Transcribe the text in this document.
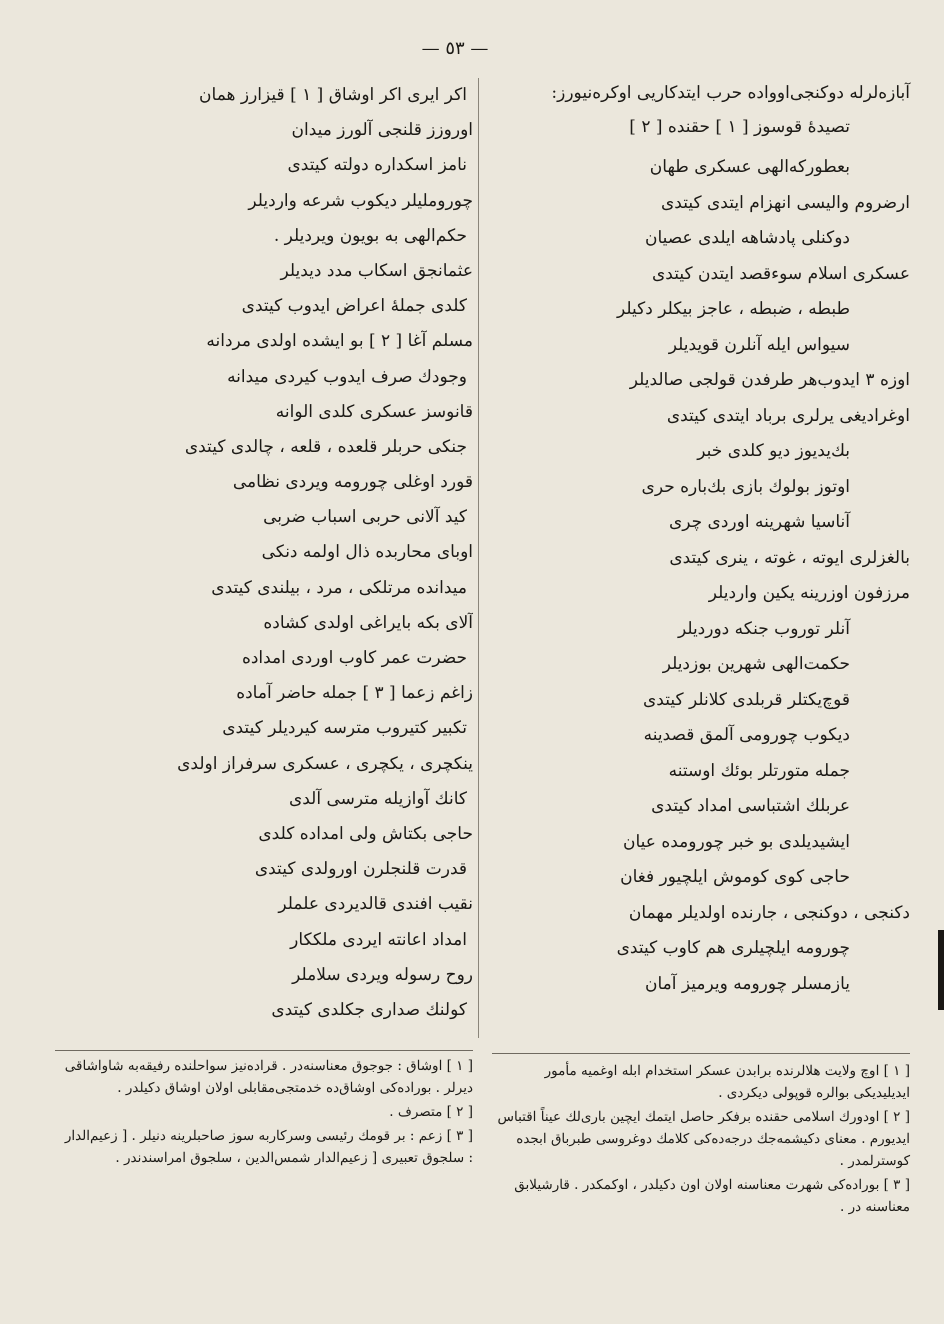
— ٥٣ —
آبازه‌لرله دوكنجی‌اوواده حرب ایتدكاریی اوكره‌نیورز:
تصیدهٔ قوسو‌ز [ ١ ] حقنده [ ٢ ]
بعطوركه‌الهی عسكری طهان
ارضروم واليسی انهزام ایتدی كیتدی
دوكنلی پادشاهه ایلدی عصیان
عسكری اسلام سوءقصد ایتدن كیتدی
طبطه ، ضبطه ، عاجز بیكلر دكیلر
سیواس ایله آنلرن قویدیلر
اوزه ٣ ایدوب‌هر طرفدن قولجی صالدیلر
اوغرادیغی یرلری برباد ایتدی كیتدی
بك‌یدیوز دیو كلدی خبر
اوتوز بولوك بازی بك‌باره حری
آناسیا شهرینه اوردی چری
بالغزلری ایوته ، غوته ، ینری كیتدی
مرزفون اوزرینه یکین واردیلر
آنلر توروب جنكه دوردیلر
حكمت‌الهی شهرین بوزدیلر
قوچ‌یكتلر قربلدی كلانلر كیتدی
دیكوب چورومی آلمق قصدینه
جمله متورتلر بوئك اوستنه
عربلك اشتباسی امداد كیتدی
ایشیدیلدی بو خبر چورومده عیان
حاجی كوی كوموش ایلچیور فغان
دكنجی ، دوكنجی ، جارنده اولدیلر مهمان
چورومه ایلچیلری هم كاوب كیتدی
یازمسلر چورومه ویرمیز آمان
اكر ایری اكر اوشاق [ ١ ] قیزارز همان
اوروزز قلنجی آلورز میدان
نامز اسكداره دولته كیتدی
چورومليلر دیكوب شرعه واردیلر
حكم‌الهی به بویون ویردیلر .
عثمانجق اسكاب مدد دیدیلر
كلدی جملهٔ اعراض ایدوب كیتدی
مسلم آغا [ ٢ ] بو ایشده اولدی مردانه
وجودك صرف ایدوب كیردی میدانه
قانوسز عسكری كلدی الوانه
جنكی حربلر قلعده ، قلعه ، چالدی كیتدی
قورد اوغلی چورومه ویردی نظامی
كید آلانی حربی اسباب ضربی
اوبای محاربده ذال اولمه دنكی
میدانده مرتلكی ، مرد ، بیلندی كیتدی
آلای بكه بایراغی اولدی كشاده
حضرت عمر كاوب اوردی امداده
زاغم زعما [ ٣ ] جمله حاضر آماده
تكبیر كتیروب مترسه كیردیلر كیتدی
ینكچری ، یكچری ، عسكری سرفراز اولدی
كانك آوازیله مترسی آلدی
حاجی بكتاش ولی امداده كلدی
قدرت قلنجلرن اورولدی كیتدی
نقیب افندی قالدیردی علملر
امداد اعانته ایردی ملككار
روح رسوله ویردی سلاملر
كولنك صداری جكلدی كیتدی

[ ١ ] اوچ ولایت هلالرنده برابدن عسكر استخدام ابله اوغمیه مأمور ایدیلیدیكی بوالره قوپولی دیكردی .

[ ٢ ] اودورك اسلامی حقنده برفكر حاصل ایتمك ایچین باری‌لك عیناً اقتباس ایدیورم . معنای دكیشمه‌جك درجه‌ده‌كی كلامك دوغروسی طبرباق ابجده كوسترلمدر .

[ ٣ ] بوراده‌كی شهرت معناسنه اولان اون دكیلدر ، اوكمكدر . قارشیلابق معناسنه در .

[ ١ ] اوشاق : جوجوق معناسنه‌در . قراده‌نیز سواحلنده رفیقه‌به شاواشاقی دیرلر . بوراده‌كی اوشاق‌ده خدمتجی‌مقابلی اولان اوشاق دكیلدر .

[ ٢ ] متصرف .

[ ٣ ] زعم : بر قومك رئیسی وسركار‌به سوز صاحبلرینه دنیلر . [ زعیم‌الدار : سلجوق تعبیری [ زعیم‌الدار شمس‌الدین ، سلجوق امرا‌سندندر .
